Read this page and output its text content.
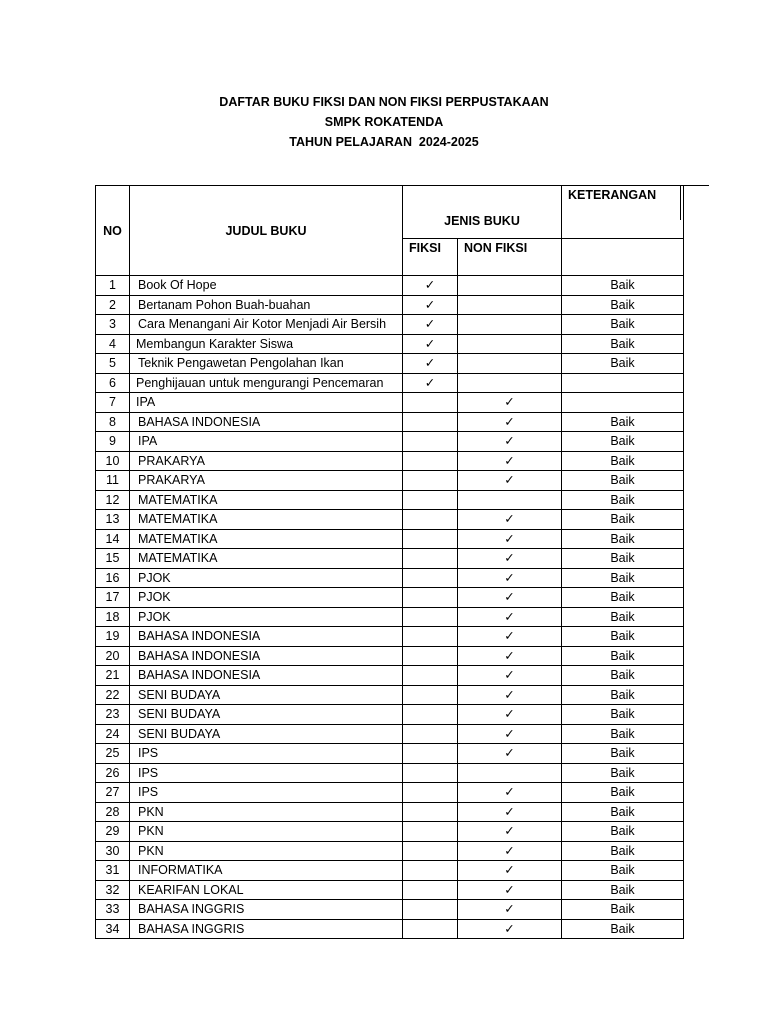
DAFTAR BUKU FIKSI DAN NON FIKSI PERPUSTAKAAN
SMPK ROKATENDA
TAHUN PELAJARAN  2024-2025
NO	JUDUL BUKU	JENIS BUKU		KETERANGAN
		FIKSI	NON FIKSI	
1	Book Of Hope	✓		Baik
2	Bertanam Pohon Buah-buahan	✓		Baik
3	Cara Menangani Air Kotor Menjadi Air Bersih	✓		Baik
4	Membangun Karakter Siswa	✓		Baik
5	Teknik Pengawetan Pengolahan Ikan	✓		Baik
6	Penghijauan untuk mengurangi Pencemaran	✓		
7	IPA		✓	
8	BAHASA INDONESIA		✓	Baik
9	IPA		✓	Baik
10	PRAKARYA		✓	Baik
11	PRAKARYA		✓	Baik
12	MATEMATIKA			Baik
13	MATEMATIKA		✓	Baik
14	MATEMATIKA		✓	Baik
15	MATEMATIKA		✓	Baik
16	PJOK		✓	Baik
17	PJOK		✓	Baik
18	PJOK		✓	Baik
19	BAHASA INDONESIA		✓	Baik
20	BAHASA INDONESIA		✓	Baik
21	BAHASA INDONESIA		✓	Baik
22	SENI BUDAYA		✓	Baik
23	SENI BUDAYA		✓	Baik
24	SENI BUDAYA		✓	Baik
25	IPS		✓	Baik
26	IPS			Baik
27	IPS		✓	Baik
28	PKN		✓	Baik
29	PKN		✓	Baik
30	PKN		✓	Baik
31	INFORMATIKA		✓	Baik
32	KEARIFAN LOKAL		✓	Baik
33	BAHASA INGGRIS		✓	Baik
34	BAHASA INGGRIS		✓	Baik
